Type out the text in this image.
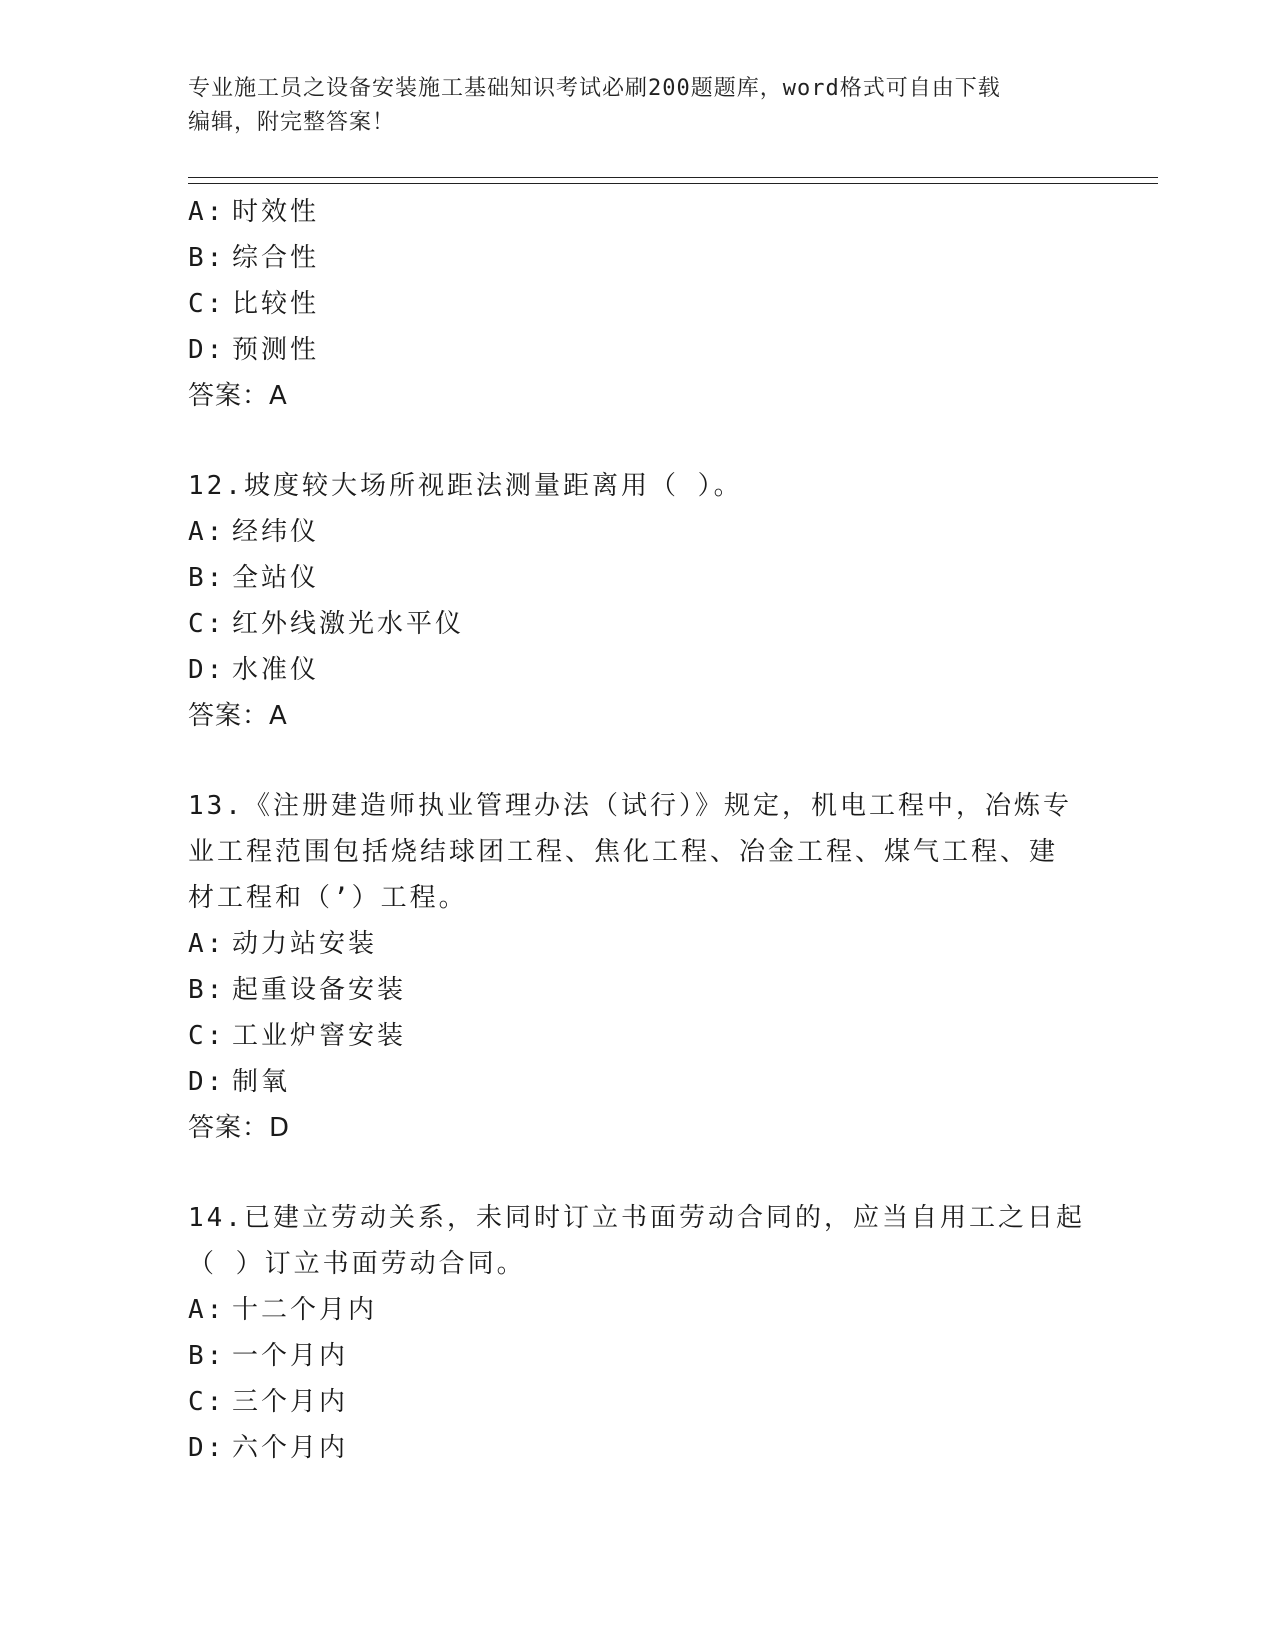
专业施工员之设备安装施工基础知识考试必刷200题题库，word格式可自由下载
编辑，附完整答案！
A: 时效性
B: 综合性
C: 比较性
D: 预测性
答案：A
12.坡度较大场所视距法测量距离用（ ）。
A: 经纬仪
B: 全站仪
C: 红外线激光水平仪
D: 水准仪
答案：A
13.《注册建造师执业管理办法（试行）》规定，机电工程中，冶炼专
业工程范围包括烧结球团工程、焦化工程、冶金工程、煤气工程、建
材工程和（’）工程。
A: 动力站安装
B: 起重设备安装
C: 工业炉窨安装
D: 制氧
答案：D
14.已建立劳动关系，未同时订立书面劳动合同的，应当自用工之日起
（ ）订立书面劳动合同。
A: 十二个月内
B: 一个月内
C: 三个月内
D: 六个月内
